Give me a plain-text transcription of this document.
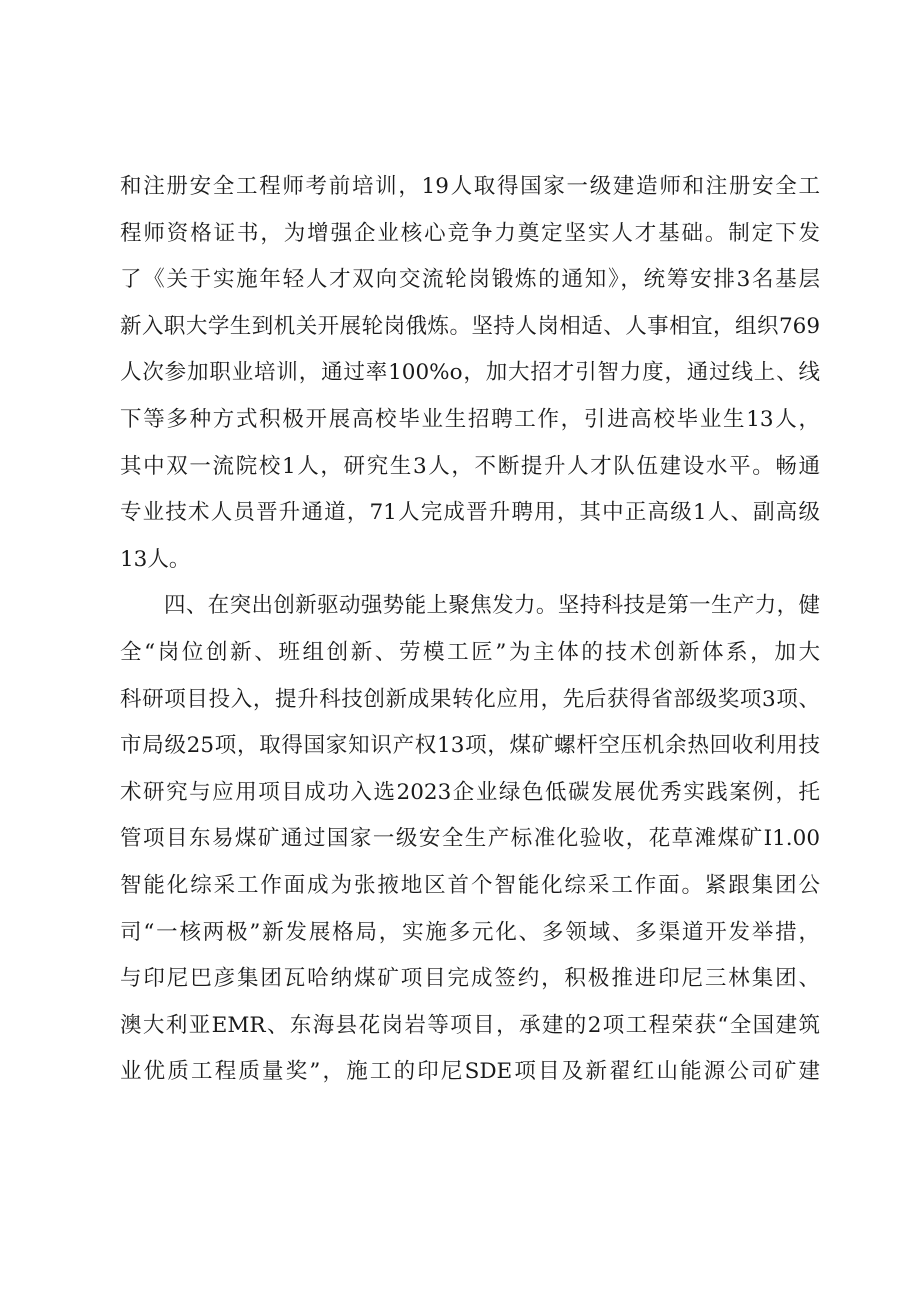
和注册安全工程师考前培训，19人取得国家一级建造师和注册安全工
程师资格证书，为增强企业核心竞争力奠定坚实人才基础。制定下发
了《关于实施年轻人才双向交流轮岗锻炼的通知》，统筹安排3名基层
新入职大学生到机关开展轮岗俄炼。坚持人岗相适、人事相宜，组织769
人次参加职业培训，通过率100%o，加大招才引智力度，通过线上、线
下等多种方式积极开展高校毕业生招聘工作，引进高校毕业生13人，
其中双一流院校1人，研究生3人，不断提升人才队伍建设水平。畅通
专业技术人员晋升通道，71人完成晋升聘用，其中正高级1人、副高级
13人。
四、在突出创新驱动强势能上聚焦发力。坚持科技是第一生产力，健
全“岗位创新、班组创新、劳模工匠”为主体的技术创新体系，加大
科研项目投入，提升科技创新成果转化应用，先后获得省部级奖项3项、
市局级25项，取得国家知识产权13项，煤矿螺杆空压机余热回收利用技
术研究与应用项目成功入选2023企业绿色低碳发展优秀实践案例，托
管项目东易煤矿通过国家一级安全生产标准化验收，花草滩煤矿I1.00
智能化综采工作面成为张掖地区首个智能化综采工作面。紧跟集团公
司“一核两极”新发展格局，实施多元化、多领域、多渠道开发举措，
与印尼巴彦集团瓦哈纳煤矿项目完成签约，积极推进印尼三林集团、
澳大利亚EMR、东海县花岗岩等项目，承建的2项工程荣获“全国建筑
业优质工程质量奖”，施工的印尼SDE项目及新翟红山能源公司矿建
